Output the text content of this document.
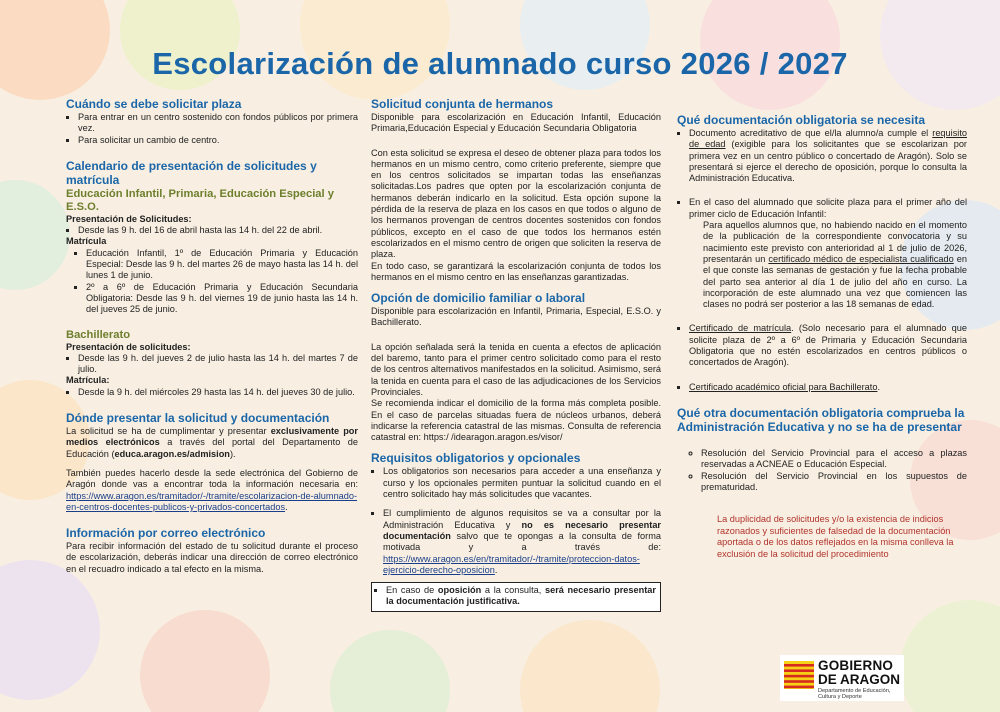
Escolarización de alumnado curso 2026 / 2027
Cuándo se debe solicitar plaza
▪ Para entrar en un centro sostenido con fondos públicos por primera vez.
▪ Para solicitar un cambio de centro.
Calendario de presentación de solicitudes y matrícula
Educación Infantil, Primaria, Educación Especial y E.S.O.
Presentación de Solicitudes:
▪ Desde las 9 h. del 16 de abril hasta las 14 h. del 22 de abril.
Matrícula
▪ Educación Infantil, 1º de Educación Primaria y Educación Especial: Desde las 9 h. del martes 26 de mayo hasta las 14 h. del lunes 1 de junio.
▪ 2º a 6º de Educación Primaria y Educación Secundaria Obligatoria: Desde las 9 h. del viernes 19 de junio hasta las 14 h. del jueves 25 de junio.
Bachillerato
Presentación de solicitudes:
▪ Desde las 9 h. del jueves 2 de julio hasta las 14 h. del martes 7 de julio.
Matrícula:
▪ Desde la 9 h. del miércoles 29 hasta las 14 h. del jueves 30 de julio.
Dónde presentar la solicitud y documentación

La solicitud se ha de cumplimentar y presentar exclusivamente por medios electrónicos a través del portal del Departamento de Educación (educa.aragon.es/admision).

También puedes hacerlo desde la sede electrónica del Gobierno de Aragón donde vas a encontrar toda la información necesaria en: https://www.aragon.es/tramitador/-/tramite/escolarizacion-de-alumnado-en-centros-docentes-publicos-y-privados-concertados.

Información por correo electrónico

Para recibir información del estado de tu solicitud durante el proceso de escolarización, deberás indicar una dirección de correo electrónico en el recuadro indicado a tal efecto en la misma.

Solicitud conjunta de hermanos

Disponible para escolarización en Educación Infantil, Educación Primaria,Educación Especial y Educación Secundaria Obligatoria

Con esta solicitud se expresa el deseo de obtener plaza para todos los hermanos en un mismo centro, como criterio preferente, siempre que en los centros solicitados se impartan todas las enseñanzas solicitadas.Los padres que opten por la escolarización conjunta de hermanos deberán indicarlo en la solicitud. Esta opción supone la pérdida de la reserva de plaza en los casos en que todos o alguno de los hermanos provengan de centros docentes sostenidos con fondos públicos, excepto en el caso de que todos los hermanos estén escolarizados en el mismo centro de origen que soliciten la reserva de plaza.

En todo caso, se garantizará la escolarización conjunta de todos los hermanos en el mismo centro en las enseñanzas garantizadas.

Opción de domicilio familiar o laboral

Disponible para escolarización en Infantil, Primaria, Especial, E.S.O. y Bachillerato.

La opción señalada será la tenida en cuenta a efectos de aplicación del baremo, tanto para el primer centro solicitado como para el resto de los centros alternativos manifestados en la solicitud. Asimismo, será la tenida en cuenta para el caso de las adjudicaciones de los Servicios Provinciales.

Se recomienda indicar el domicilio de la forma más completa posible. En el caso de parcelas situadas fuera de núcleos urbanos, deberá indicarse la referencia catastral de las mismas. Consulta de referencia catastral en: https:/ /idearagon.aragon.es/visor/

Requisitos obligatorios y opcionales
▪ Los obligatorios son necesarios para acceder a una enseñanza y curso y los opcionales permiten puntuar la solicitud cuando en el centro solicitado hay más solicitudes que vacantes.
▪ El cumplimiento de algunos requisitos se va a consultar por la Administración Educativa y no es necesario presentar documentación salvo que te opongas a la consulta de forma motivada y a través de: https://www.aragon.es/en/tramitador/-/tramite/proteccion-datos-ejercicio-derecho-oposicion.
▪ En caso de oposición a la consulta, será necesario presentar la documentación justificativa.
Qué documentación obligatoria se necesita
▪ Documento acreditativo de que el/la alumno/a cumple el requisito de edad (exigible para los solicitantes que se escolarizan por primera vez en un centro público o concertado de Aragón). Solo se presentará si ejerce el derecho de oposición, porque lo consulta la Administración Educativa.
▪ En el caso del alumnado que solicite plaza para el primer año del primer ciclo de Educación Infantil:
Para aquellos alumnos que, no habiendo nacido en el momento de la publicación de la correspondiente convocatoria y su nacimiento este previsto con anterioridad al 1 de julio de 2026, presentarán un certificado médico de especialista cualificado en el que conste las semanas de gestación y fue la fecha probable del parto sea anterior al día 1 de julio del año en curso. La incorporación de este alumnado una vez que comiencen las clases no podrá ser posterior a las 18 semanas de edad.
▪ Certificado de matrícula. (Solo necesario para el alumnado que solicite plaza de 2º a 6º de Primaria y Educación Secundaria Obligatoria que no estén escolarizados en centros públicos o concertados de Aragón).
▪ Certificado académico oficial para Bachillerato.
Qué otra documentación obligatoria comprueba la Administración Educativa y no se ha de presentar
◦ Resolución del Servicio Provincial para el acceso a plazas reservadas a ACNEAE o Educación Especial.
◦ Resolución del Servicio Provincial en los supuestos de prematuridad.
La duplicidad de solicitudes y/o la existencia de indicios razonados y suficientes de falsedad de la documentación aportada o de los datos reflejados en la misma conlleva la exclusión de la solicitud del procedimiento
GOBIERNO
DE ARAGON
Departamento de Educación, Cultura y Deporte
